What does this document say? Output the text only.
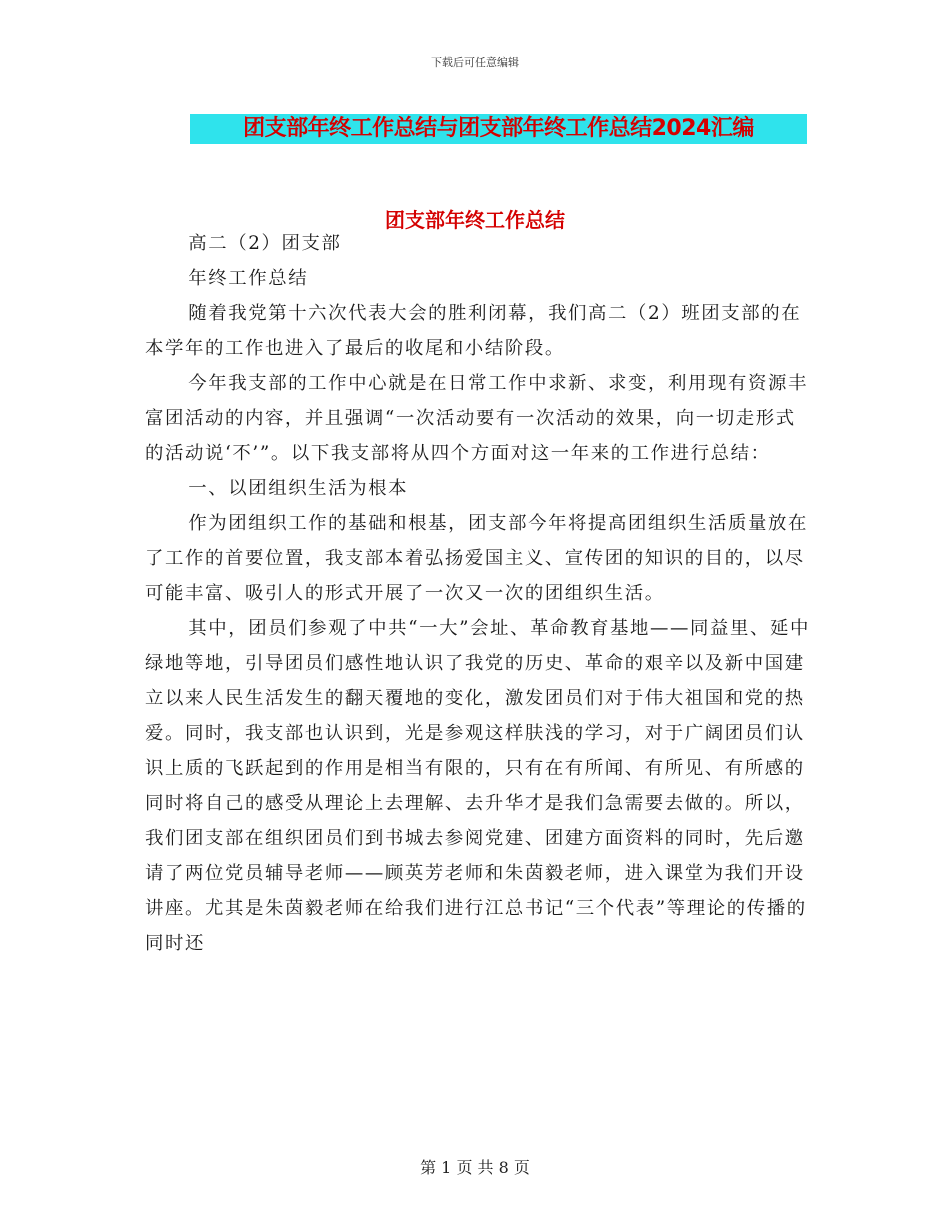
下载后可任意编辑
团支部年终工作总结与团支部年终工作总结2024汇编
团支部年终工作总结

高二（2）团支部

年终工作总结

随着我党第十六次代表大会的胜利闭幕，我们高二（2）班团支部的在本学年的工作也进入了最后的收尾和小结阶段。

今年我支部的工作中心就是在日常工作中求新、求变，利用现有资源丰富团活动的内容，并且强调“一次活动要有一次活动的效果，向一切走形式的活动说‘不’”。以下我支部将从四个方面对这一年来的工作进行总结：

一、以团组织生活为根本

作为团组织工作的基础和根基，团支部今年将提高团组织生活质量放在了工作的首要位置，我支部本着弘扬爱国主义、宣传团的知识的目的，以尽可能丰富、吸引人的形式开展了一次又一次的团组织生活。

其中，团员们参观了中共“一大”会址、革命教育基地——同益里、延中绿地等地，引导团员们感性地认识了我党的历史、革命的艰辛以及新中国建立以来人民生活发生的翻天覆地的变化，激发团员们对于伟大祖国和党的热爱。同时，我支部也认识到，光是参观这样肤浅的学习，对于广阔团员们认识上质的飞跃起到的作用是相当有限的，只有在有所闻、有所见、有所感的同时将自己的感受从理论上去理解、去升华才是我们急需要去做的。所以，我们团支部在组织团员们到书城去参阅党建、团建方面资料的同时，先后邀请了两位党员辅导老师——顾英芳老师和朱茵毅老师，进入课堂为我们开设讲座。尤其是朱茵毅老师在给我们进行江总书记“三个代表”等理论的传播的同时还

第 1 页 共 8 页
